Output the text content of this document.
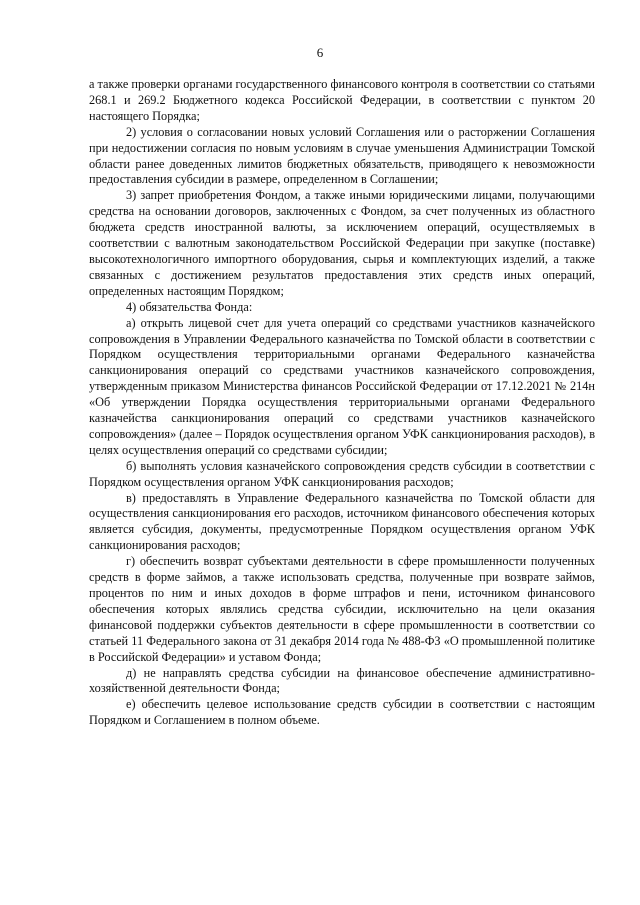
6

а также проверки органами государственного финансового контроля в соответствии со статьями 268.1 и 269.2 Бюджетного кодекса Российской Федерации, в соответствии с пунктом 20 настоящего Порядка;

2) условия о согласовании новых условий Соглашения или о расторжении Соглашения при недостижении согласия по новым условиям в случае уменьшения Администрации Томской области ранее доведенных лимитов бюджетных обязательств, приводящего к невозможности предоставления субсидии в размере, определенном в Соглашении;

3) запрет приобретения Фондом, а также иными юридическими лицами, получающими средства на основании договоров, заключенных с Фондом, за счет полученных из областного бюджета средств иностранной валюты, за исключением операций, осуществляемых в соответствии с валютным законодательством Российской Федерации при закупке (поставке) высокотехнологичного импортного оборудования, сырья и комплектующих изделий, а также связанных с достижением результатов предоставления этих средств иных операций, определенных настоящим Порядком;

4) обязательства Фонда:

а) открыть лицевой счет для учета операций со средствами участников казначейского сопровождения в Управлении Федерального казначейства по Томской области в соответствии с Порядком осуществления территориальными органами Федерального казначейства санкционирования операций со средствами участников казначейского сопровождения, утвержденным приказом Министерства финансов Российской Федерации от 17.12.2021 № 214н «Об утверждении Порядка осуществления территориальными органами Федерального казначейства санкционирования операций со средствами участников казначейского сопровождения» (далее – Порядок осуществления органом УФК санкционирования расходов), в целях осуществления операций со средствами субсидии;

б) выполнять условия казначейского сопровождения средств субсидии в соответствии с Порядком осуществления органом УФК санкционирования расходов;

в) предоставлять в Управление Федерального казначейства по Томской области для осуществления санкционирования его расходов, источником финансового обеспечения которых является субсидия, документы, предусмотренные Порядком осуществления органом УФК санкционирования расходов;

г) обеспечить возврат субъектами деятельности в сфере промышленности полученных средств в форме займов, а также использовать средства, полученные при возврате займов, процентов по ним и иных доходов в форме штрафов и пени, источником финансового обеспечения которых являлись средства субсидии, исключительно на цели оказания финансовой поддержки субъектов деятельности в сфере промышленности в соответствии со статьей 11 Федерального закона от 31 декабря 2014 года № 488-ФЗ «О промышленной политике в Российской Федерации» и уставом Фонда;

д) не направлять средства субсидии на финансовое обеспечение административно-хозяйственной деятельности Фонда;

е) обеспечить целевое использование средств субсидии в соответствии с настоящим Порядком и Соглашением в полном объеме.
